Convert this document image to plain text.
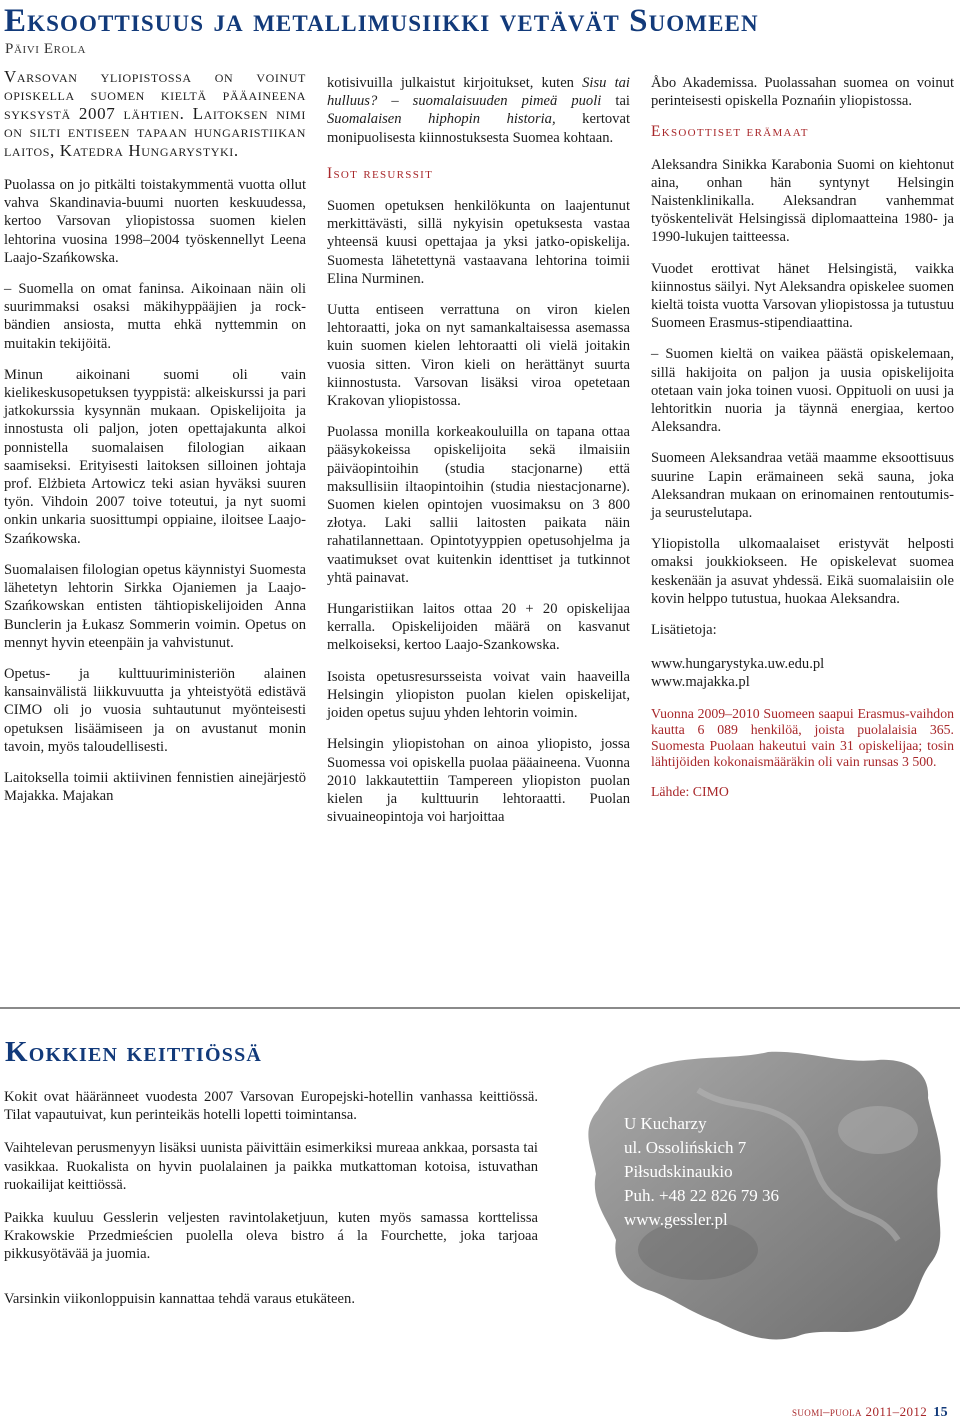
Eksoottisuus ja metallimusiikki vetävät Suomeen
Päivi Erola

Varsovan yliopistossa on voinut opiskella suomen kieltä pääaineena syksystä 2007 lähtien. Laitoksen nimi on silti entiseen tapaan hungaristiikan laitos, Katedra Hungarystyki.

Puolassa on jo pitkälti toistakymmentä vuotta ollut vahva Skandinavia-buumi nuorten keskuudessa, kertoo Varsovan yliopistossa suomen kielen lehtorina vuosina 1998–2004 työskennellyt Leena Laajo-Szańkowska.

– Suomella on omat faninsa. Aikoinaan näin oli suurimmaksi osaksi mäkihyppääjien ja rock-bändien ansiosta, mutta ehkä nyttemmin on muitakin tekijöitä.

Minun aikoinani suomi oli vain kielikeskusopetuksen tyyppistä: alkeiskurssi ja pari jatkokurssia kysynnän mukaan. Opiskelijoita ja innostusta oli paljon, joten opettajakunta alkoi ponnistella suomalaisen filologian aikaan saamiseksi. Erityisesti laitoksen silloinen johtaja prof. Elżbieta Artowicz teki asian hyväksi suuren työn. Vihdoin 2007 toive toteutui, ja nyt suomi onkin unkaria suosittumpi oppiaine, iloitsee Laajo-Szańkowska.

Suomalaisen filologian opetus käynnistyi Suomesta lähetetyn lehtorin Sirkka Ojaniemen ja Laajo-Szańkowskan entisten tähtiopiskelijoiden Anna Bunclerin ja Łukasz Sommerin voimin. Opetus on mennyt hyvin eteenpäin ja vahvistunut.

Opetus- ja kulttuuriministeriön alainen kansainvälistä liikkuvuutta ja yhteistyötä edistävä CIMO oli jo vuosia suhtautunut myönteisesti opetuksen lisäämiseen ja on avustanut monin tavoin, myös taloudellisesti.

Laitoksella toimii aktiivinen fennistien ainejärjestö Majakka. Majakan

kotisivuilla julkaistut kirjoitukset, kuten Sisu tai hulluus? – suomalaisuuden pimeä puoli tai Suomalaisen hiphopin historia, kertovat monipuolisesta kiinnostuksesta Suomea kohtaan.

Isot resurssit

Suomen opetuksen henkilökunta on laajentunut merkittävästi, sillä nykyisin opetuksesta vastaa yhteensä kuusi opettajaa ja yksi jatko-opiskelija. Suomesta lähetettynä vastaavana lehtorina toimii Elina Nurminen.

Uutta entiseen verrattuna on viron kielen lehtoraatti, joka on nyt samankaltaisessa asemassa kuin suomen kielen lehtoraatti oli vielä joitakin vuosia sitten. Viron kieli on herättänyt suurta kiinnostusta. Varsovan lisäksi viroa opetetaan Krakovan yliopistossa.

Puolassa monilla korkeakouluilla on tapana ottaa pääsykokeissa opiskelijoita sekä ilmaisiin päiväopintoihin (studia stacjonarne) että maksullisiin iltaopintoihin (studia niestacjonarne). Suomen kielen opintojen vuosimaksu on 3 800 złotya. Laki sallii laitosten paikata näin rahatilannettaan. Opintotyyppien opetusohjelma ja vaatimukset ovat kuitenkin identtiset ja tutkinnot yhtä painavat.

Hungaristiikan laitos ottaa 20 + 20 opiskelijaa kerralla. Opiskelijoiden määrä on kasvanut melkoiseksi, kertoo Laajo-Szankowska.

Isoista opetusresursseista voivat vain haaveilla Helsingin yliopiston puolan kielen opiskelijat, joiden opetus sujuu yhden lehtorin voimin.

Helsingin yliopistohan on ainoa yliopisto, jossa Suomessa voi opiskella puolaa pääaineena. Vuonna 2010 lakkautettiin Tampereen yliopiston puolan kielen ja kulttuurin lehtoraatti. Puolan sivuaineopintoja voi harjoittaa

Åbo Akademissa. Puolassahan suomea on voinut perinteisesti opiskella Poznańin yliopistossa.

Eksoottiset erämaat

Aleksandra Sinikka Karabonia Suomi on kiehtonut aina, onhan hän syntynyt Helsingin Naistenklinikalla. Aleksandran vanhemmat työskentelivät Helsingissä diplomaatteina 1980- ja 1990-lukujen taitteessa.

Vuodet erottivat hänet Helsingistä, vaikka kiinnostus säilyi. Nyt Aleksandra opiskelee suomen kieltä toista vuotta Varsovan yliopistossa ja tutustuu Suomeen Erasmus-stipendiaattina.

– Suomen kieltä on vaikea päästä opiskelemaan, sillä hakijoita on paljon ja uusia opiskelijoita otetaan vain joka toinen vuosi. Oppituoli on uusi ja lehtoritkin nuoria ja täynnä energiaa, kertoo Aleksandra.

Suomeen Aleksandraa vetää maamme eksoottisuus suurine Lapin erämaineen sekä sauna, joka Aleksandran mukaan on erinomainen rentoutumis- ja seurustelutapa.

Yliopistolla ulkomaalaiset eristyvät helposti omaksi joukkiokseen. He opiskelevat suomea keskenään ja asuvat yhdessä. Eikä suomalaisiin ole kovin helppo tutustua, huokaa Aleksandra.

Lisätietoja:

www.hungarystyka.uw.edu.pl
www.majakka.pl

Vuonna 2009–2010 Suomeen saapui Erasmus-vaihdon kautta 6 089 henkilöä, joista puolalaisia 365. Suomesta Puolaan hakeutui vain 31 opiskelijaa; tosin lähtijöiden kokonaismääräkin oli vain runsas 3 500.

Lähde: CIMO
Kokkien keittiössä

Kokit ovat hääränneet vuodesta 2007 Varsovan Europejski-hotellin vanhassa keittiössä. Tilat vapautuivat, kun perinteikäs hotelli lopetti toimintansa.

Vaihtelevan perusmenyyn lisäksi uunista päivittäin esimerkiksi mureaa ankkaa, porsasta tai vasikkaa. Ruokalista on hyvin puolalainen ja paikka mutkattoman kotoisa, istuvathan ruokailijat keittiössä.

Paikka kuuluu Gesslerin veljesten ravintolaketjuun, kuten myös samassa korttelissa Krakowskie Przedmieścien puolella oleva bistro á la Fourchette, joka tarjoaa pikkusyötävää ja juomia.

Varsinkin viikonloppuisin kannattaa tehdä varaus etukäteen.

U Kucharzy
ul. Ossolińskich 7
Piłsudskinaukio
Puh. +48 22 826 79 36
www.gessler.pl
suomi–puola 2011–2012 15
